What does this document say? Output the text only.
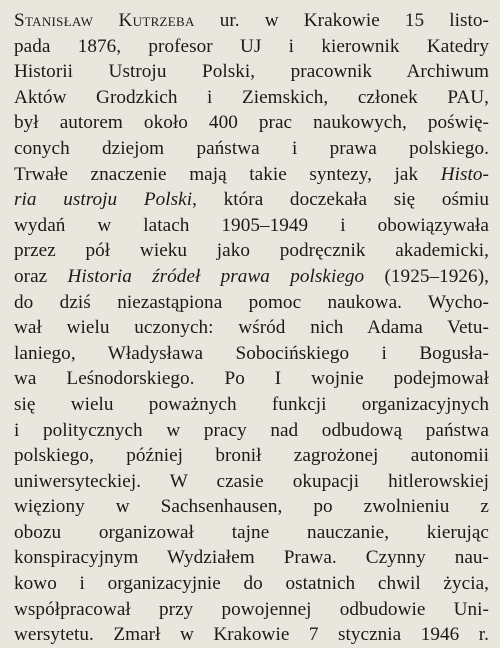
Stanisław Kutrzeba ur. w Krakowie 15 listo-
pada 1876, profesor UJ i kierownik Katedry
Historii Ustroju Polski, pracownik Archiwum
Aktów Grodzkich i Ziemskich, członek PAU,
był autorem około 400 prac naukowych, poświę-
conych dziejom państwa i prawa polskiego.
Trwałe znaczenie mają takie syntezy, jak Histo-
ria ustroju Polski, która doczekała się ośmiu
wydań w latach 1905–1949 i obowiązywała
przez pół wieku jako podręcznik akademicki,
oraz Historia źródeł prawa polskiego (1925–1926),
do dziś niezastąpiona pomoc naukowa. Wycho-
wał wielu uczonych: wśród nich Adama Vetu-
laniego, Władysława Sobocińskiego i Bogusła-
wa Leśnodorskiego. Po I wojnie podejmował
się wielu poważnych funkcji organizacyjnych
i politycznych w pracy nad odbudową państwa
polskiego, później bronił zagrożonej autonomii
uniwersyteckiej. W czasie okupacji hitlerowskiej
więziony w Sachsenhausen, po zwolnieniu z
obozu organizował tajne nauczanie, kierując
konspiracyjnym Wydziałem Prawa. Czynny nau-
kowo i organizacyjnie do ostatnich chwil życia,
współpracował przy powojennej odbudowie Uni-
wersytetu. Zmarł w Krakowie 7 stycznia 1946 r.
